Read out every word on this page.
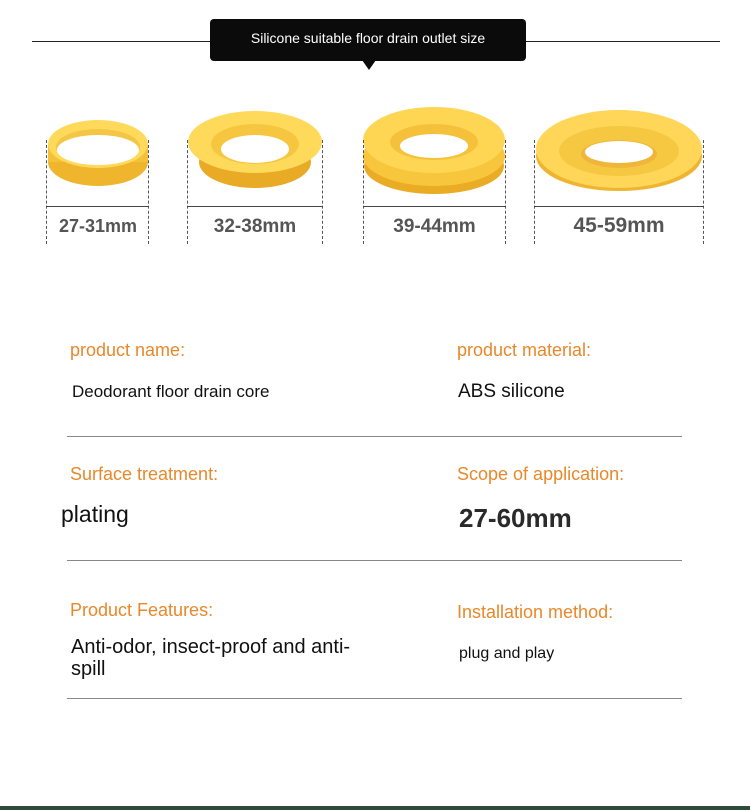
Silicone suitable floor drain outlet size
27-31mm	32-38mm	39-44mm	45-59mm
product name:
Deodorant floor drain core
product material:
ABS silicone
Surface treatment:
plating
Scope of application:
27-60mm
Product Features:
Anti-odor, insect-proof and anti-spill
Installation method:
plug and play
